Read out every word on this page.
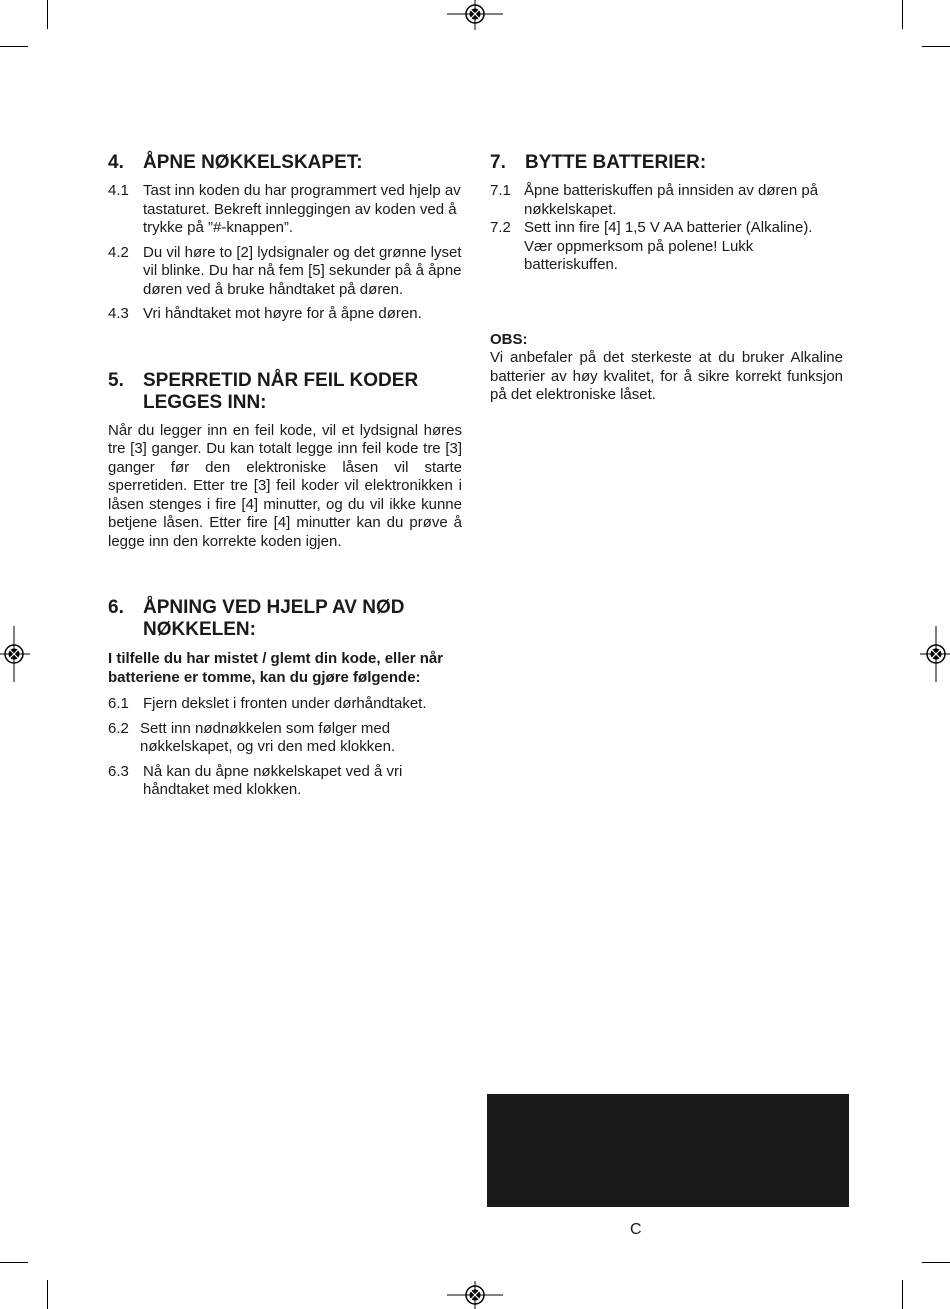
4.	ÅPNE NØKKELSKAPET:
4.1 Tast inn koden du har programmert ved hjelp av tastaturet. Bekreft innleggingen av koden ved å trykke på ”#-knappen”.
4.2 Du vil høre to [2] lydsignaler og det grønne lyset vil blinke. Du har nå fem [5] sekunder på å åpne døren ved å bruke håndtaket på døren.
4.3 Vri håndtaket mot høyre for å åpne døren.
5.	SPERRETID NÅR FEIL KODER LEGGES INN:

Når du legger inn en feil kode, vil et lydsignal høres tre [3] ganger. Du kan totalt legge inn feil kode tre [3] ganger før den elektroniske låsen vil starte sperretiden. Etter tre [3] feil koder vil elektronikken i låsen stenges i fire [4] minutter, og du vil ikke kunne betjene låsen. Etter fire [4] minutter kan du prøve å legge inn den korrekte koden igjen.

6.	ÅPNING VED HJELP AV NØD NØKKELEN:

I tilfelle du har mistet / glemt din kode, eller når batteriene er tomme, kan du gjøre følgende:

6.1 Fjern dekslet i fronten under dørhåndtaket.
6.2 Sett inn nødnøkkelen som følger med nøkkelskapet, og vri den med klokken.
6.3 Nå kan du åpne nøkkelskapet ved å vri håndtaket med klokken.
7.	BYTTE BATTERIER:
7.1 Åpne batteriskuffen på innsiden av døren på nøkkelskapet.
7.2 Sett inn fire [4] 1,5 V AA batterier (Alkaline). Vær oppmerksom på polene! Lukk batteriskuffen.

OBS:

Vi anbefaler på det sterkeste at du bruker Alkaline batterier av høy kvalitet, for å sikre korrekt funksjon på det elektroniske låset.

C
